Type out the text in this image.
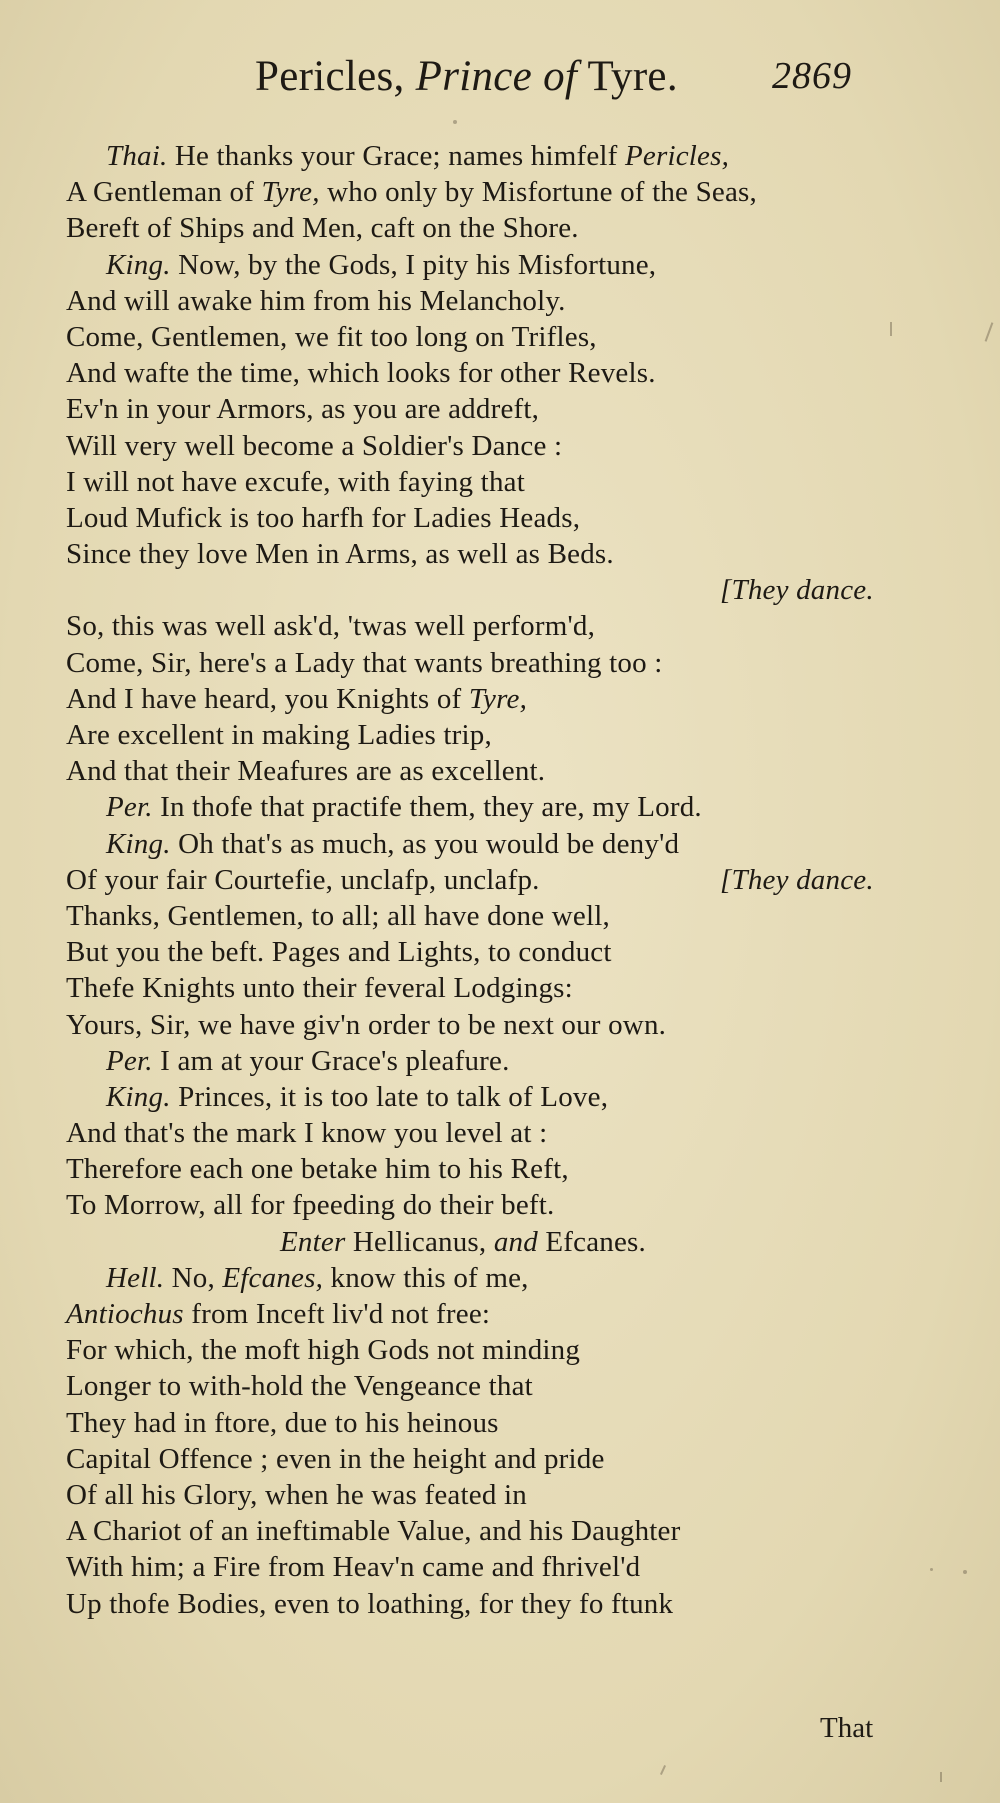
Pericles, Prince of Tyre. 2869
Thai. He thanks your Grace; names himfelf Pericles,
A Gentleman of Tyre, who only by Misfortune of the Seas,
Bereft of Ships and Men, caft on the Shore.
King. Now, by the Gods, I pity his Misfortune,
And will awake him from his Melancholy.
Come, Gentlemen, we fit too long on Trifles,
And wafte the time, which looks for other Revels.
Ev'n in your Armors, as you are addreft,
Will very well become a Soldier's Dance :
I will not have excufe, with faying that
Loud Mufick is too harfh for Ladies Heads,
Since they love Men in Arms, as well as Beds.
[They dance.
So, this was well ask'd, 'twas well perform'd,
Come, Sir, here's a Lady that wants breathing too :
And I have heard, you Knights of Tyre,
Are excellent in making Ladies trip,
And that their Meafures are as excellent.
Per. In thofe that practife them, they are, my Lord.
King. Oh that's as much, as you would be deny'd
Of your fair Courtefie, unclafp, unclafp.	[They dance.
Thanks, Gentlemen, to all; all have done well,
But you the beft. Pages and Lights, to conduct
Thefe Knights unto their feveral Lodgings:
Yours, Sir, we have giv'n order to be next our own.
Per. I am at your Grace's pleafure.
King. Princes, it is too late to talk of Love,
And that's the mark I know you level at :
Therefore each one betake him to his Reft,
To Morrow, all for fpeeding do their beft.
Enter Hellicanus, and Efcanes.
Hell. No, Efcanes, know this of me,
Antiochus from Inceft liv'd not free:
For which, the moft high Gods not minding
Longer to with-hold the Vengeance that
They had in ftore, due to his heinous
Capital Offence ; even in the height and pride
Of all his Glory, when he was feated in
A Chariot of an ineftimable Value, and his Daughter
With him; a Fire from Heav'n came and fhrivel'd
Up thofe Bodies, even to loathing, for they fo ftunk
That
